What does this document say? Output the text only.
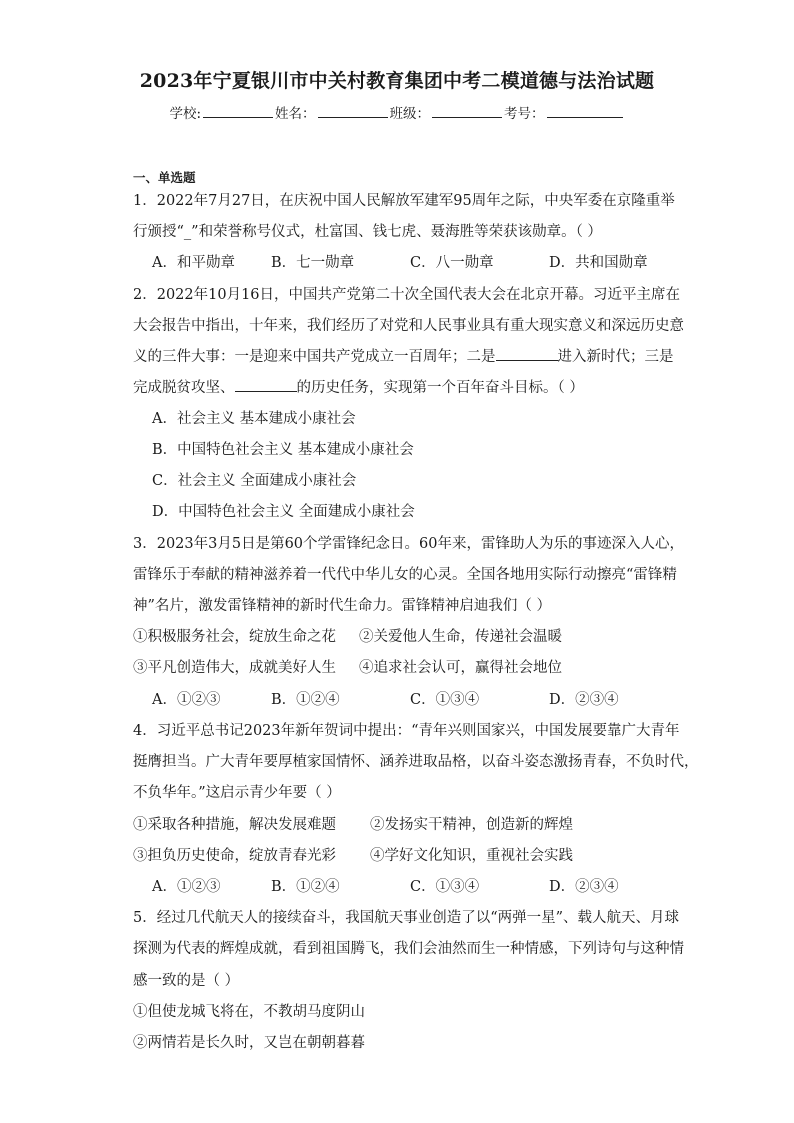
2023年宁夏银川市中关村教育集团中考二模道德与法治试题
学校:	姓名：	班级：	考号：
一、单选题
1．2022年7月27日，在庆祝中国人民解放军建军95周年之际，中央军委在京隆重举
行颁授“_”和荣誉称号仪式，杜富国、钱七虎、聂海胜等荣获该勋章。（ ）
A．和平勋章 B．七一勋章	C．八一勋章	D．共和国勋章
2．2022年10月16日，中国共产党第二十次全国代表大会在北京开幕。习近平主席在
大会报告中指出，十年来，我们经历了对党和人民事业具有重大现实意义和深远历史意
义的三件大事：一是迎来中国共产党成立一百周年；二是	进入新时代；三是
完成脱贫攻坚、	的历史任务，实现第一个百年奋斗目标。（ ）
A．社会主义 基本建成小康社会
B．中国特色社会主义 基本建成小康社会
C．社会主义 全面建成小康社会
D．中国特色社会主义 全面建成小康社会
3．2023年3月5日是第60个学雷锋纪念日。60年来，雷锋助人为乐的事迹深入人心，
雷锋乐于奉献的精神滋养着一代代中华儿女的心灵。全国各地用实际行动擦亮“雷锋精
神”名片，激发雷锋精神的新时代生命力。雷锋精神启迪我们（ ）
①积极服务社会，绽放生命之花 ②关爱他人生命，传递社会温暖
③平凡创造伟大，成就美好人生 ④追求社会认可，赢得社会地位
A．①②③	B．①②④	C．①③④	D．②③④
4．习近平总书记2023年新年贺词中提出：“青年兴则国家兴，中国发展要靠广大青年
挺膺担当。广大青年要厚植家国情怀、涵养进取品格，以奋斗姿态激扬青春，不负时代，
不负华年。”这启示青少年要（ ）
①采取各种措施，解决发展难题 ②发扬实干精神，创造新的辉煌
③担负历史使命，绽放青春光彩 ④学好文化知识，重视社会实践
A．①②③	B．①②④	C．①③④	D．②③④
5．经过几代航天人的接续奋斗，我国航天事业创造了以“两弹一星”、载人航天、月球
探测为代表的辉煌成就，看到祖国腾飞，我们会油然而生一种情感，下列诗句与这种情
感一致的是（ ）
①但使龙城飞将在，不教胡马度阴山
②两情若是长久时，又岂在朝朝暮暮
